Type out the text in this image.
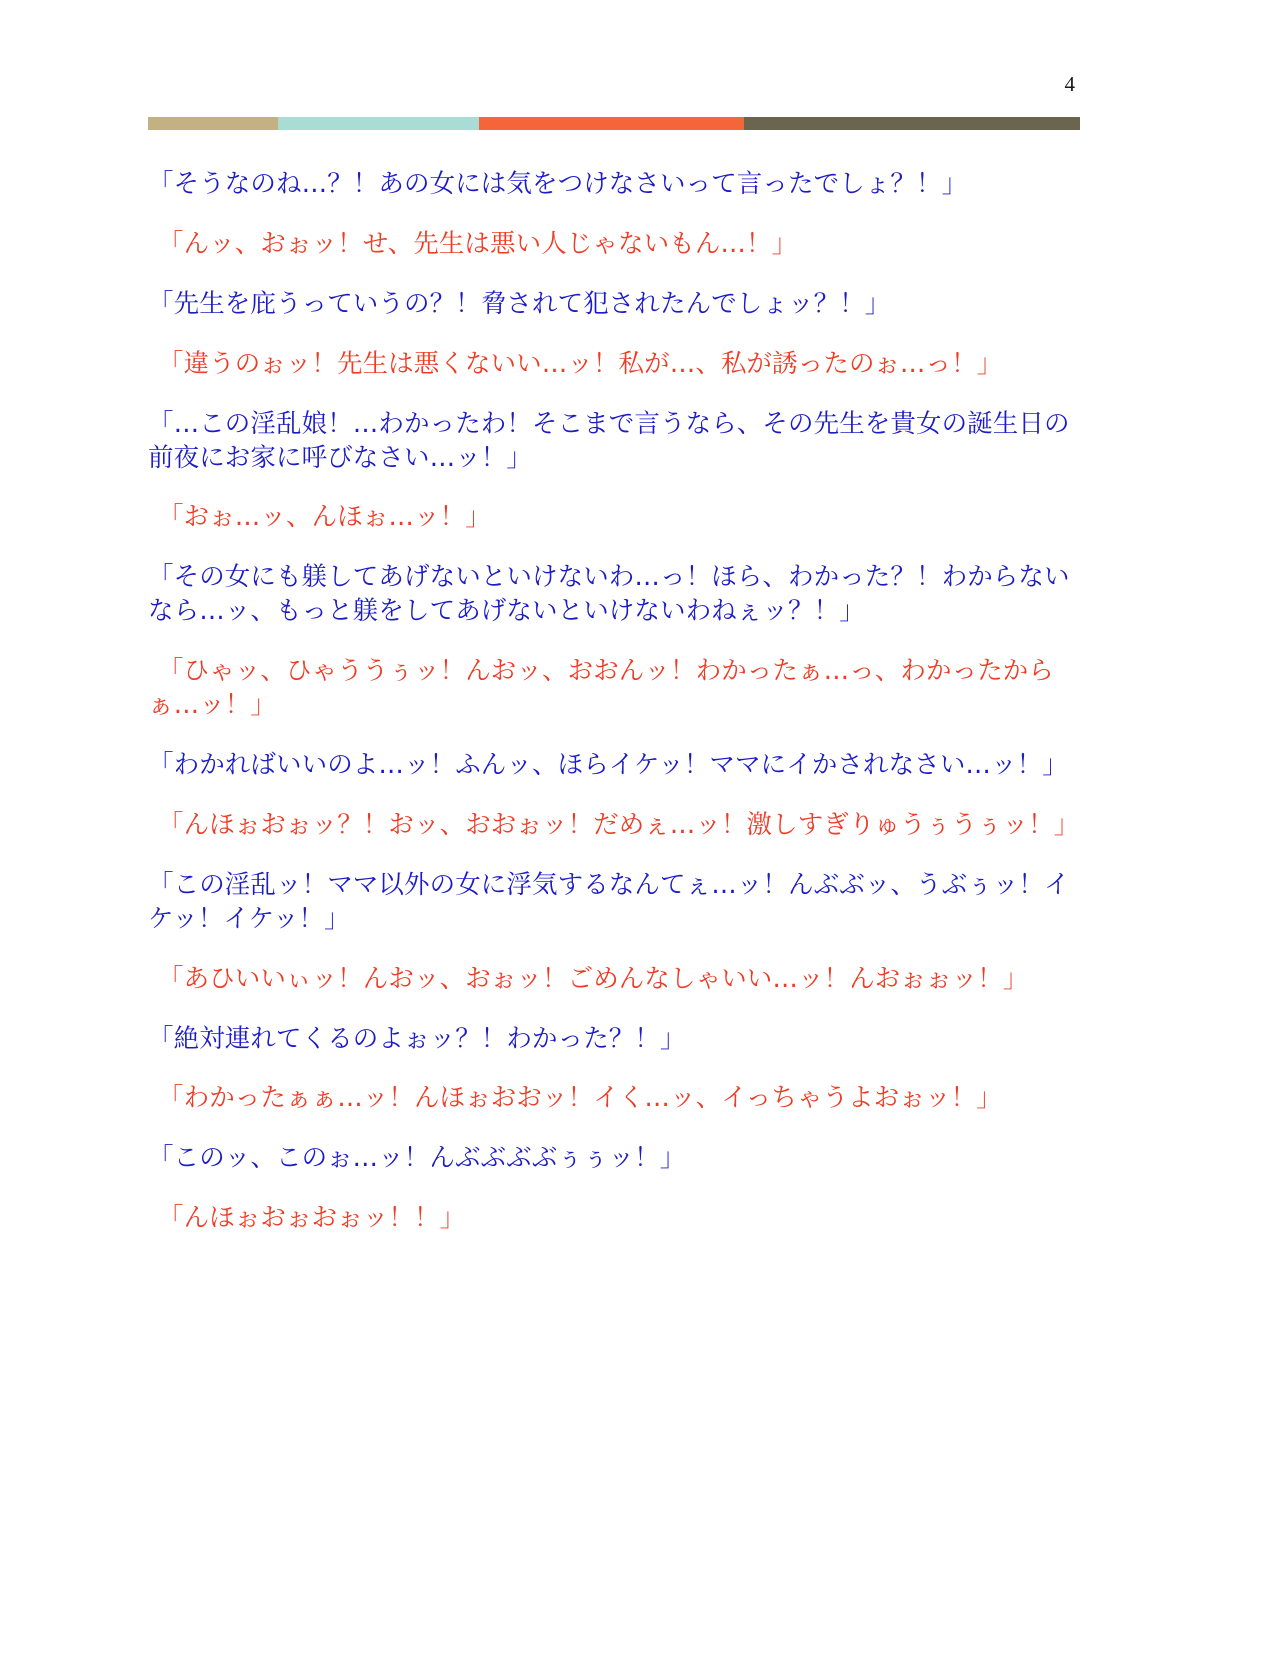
4

「そうなのね…？！あの女には気をつけなさいって言ったでしょ？！」

「んッ、おぉッ！せ、先生は悪い人じゃないもん…！」

「先生を庇うっていうの？！脅されて犯されたんでしょッ？！」

「違うのぉッ！先生は悪くないい…ッ！私が…、私が誘ったのぉ…っ！」

「…この淫乱娘！…わかったわ！そこまで言うなら、その先生を貴女の誕生日の前夜にお家に呼びなさい…ッ！」

「おぉ…ッ、んほぉ…ッ！」

「その女にも躾してあげないといけないわ…っ！ほら、わかった？！わからないなら…ッ、もっと躾をしてあげないといけないわねぇッ？！」

「ひゃッ、ひゃううぅッ！んおッ、おおんッ！わかったぁ…っ、わかったからぁ…ッ！」

「わかればいいのよ…ッ！ふんッ、ほらイケッ！ママにイかされなさい…ッ！」

「んほぉおぉッ？！おッ、おおぉッ！だめぇ…ッ！激しすぎりゅうぅうぅッ！」

「この淫乱ッ！ママ以外の女に浮気するなんてぇ…ッ！んぶぶッ、うぶぅッ！イケッ！イケッ！」

「あひいいぃッ！んおッ、おぉッ！ごめんなしゃいい…ッ！んおぉぉッ！」

「絶対連れてくるのよぉッ？！わかった？！」

「わかったぁぁ…ッ！んほぉおおッ！イく…ッ、イっちゃうよおぉッ！」

「このッ、このぉ…ッ！んぶぶぶぶぅぅッ！」

「んほぉおぉおぉッ！！」
